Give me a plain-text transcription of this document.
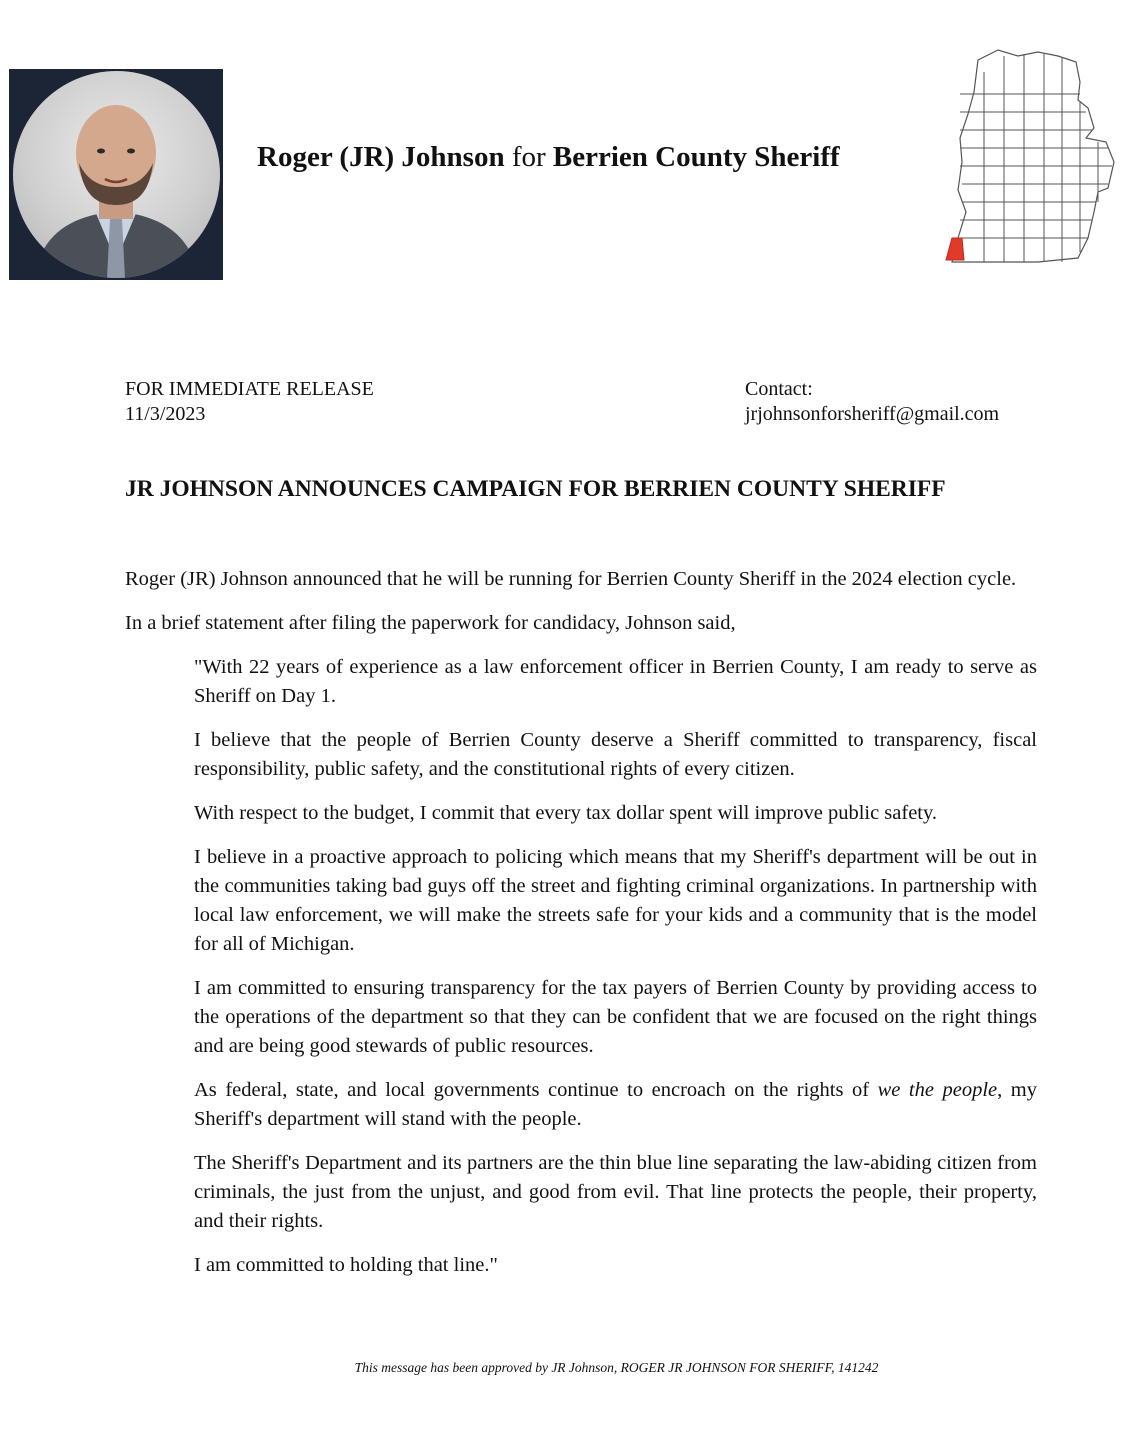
Roger (JR) Johnson for Berrien County Sheriff
FOR IMMEDIATE RELEASE
11/3/2023
Contact:
jrjohnsonforsheriff@gmail.com
JR JOHNSON ANNOUNCES CAMPAIGN FOR BERRIEN COUNTY SHERIFF

Roger (JR) Johnson announced that he will be running for Berrien County Sheriff in the 2024 election cycle.

In a brief statement after filing the paperwork for candidacy, Johnson said,

"With 22 years of experience as a law enforcement officer in Berrien County, I am ready to serve as Sheriff on Day 1.

I believe that the people of Berrien County deserve a Sheriff committed to transparency, fiscal responsibility, public safety, and the constitutional rights of every citizen.

With respect to the budget, I commit that every tax dollar spent will improve public safety.

I believe in a proactive approach to policing which means that my Sheriff's department will be out in the communities taking bad guys off the street and fighting criminal organizations. In partnership with local law enforcement, we will make the streets safe for your kids and a community that is the model for all of Michigan.

I am committed to ensuring transparency for the tax payers of Berrien County by providing access to the operations of the department so that they can be confident that we are focused on the right things and are being good stewards of public resources.

As federal, state, and local governments continue to encroach on the rights of we the people, my Sheriff's department will stand with the people.

The Sheriff's Department and its partners are the thin blue line separating the law-abiding citizen from criminals, the just from the unjust, and good from evil. That line protects the people, their property, and their rights.

I am committed to holding that line."

This message has been approved by JR Johnson, ROGER JR JOHNSON FOR SHERIFF, 141242
